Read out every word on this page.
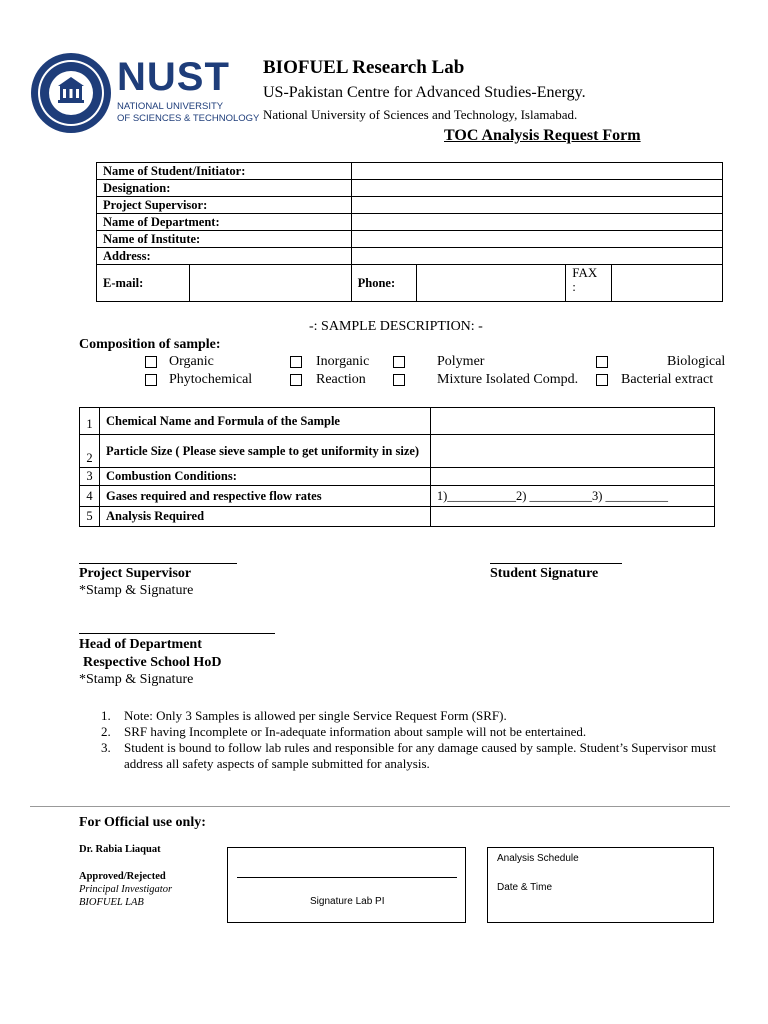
NUST
NATIONAL UNIVERSITY
OF SCIENCES & TECHNOLOGY
BIOFUEL Research Lab
US-Pakistan Centre for Advanced Studies-Energy.
National University of Sciences and Technology, Islamabad.
TOC Analysis Request Form
Name of Student/Initiator:					
Designation:					
Project Supervisor:					
Name of Department:					
Name of Institute:					
Address:					
E-mail:		Phone:		FAX
:	
-: SAMPLE DESCRIPTION: -
Composition of sample:
Organic	Inorganic	Polymer	Biological
Phytochemical	Reaction	Mixture Isolated Compd.	Bacterial extract
1	Chemical Name and Formula of the Sample	
2	Particle Size ( Please sieve sample to get uniformity in size)	
3	Combustion Conditions:	
4	Gases required and respective flow rates	1)___________2) __________3) __________
5	Analysis Required	
Project Supervisor
*Stamp & Signature
Student Signature
Head of Department
Respective School HoD
*Stamp & Signature
1. Note: Only 3 Samples is allowed per single Service Request Form (SRF).
2. SRF having Incomplete or In-adequate information about sample will not be entertained.
3. Student is bound to follow lab rules and responsible for any damage caused by sample. Student’s Supervisor must address all safety aspects of sample submitted for analysis.
For Official use only:
Dr. Rabia Liaquat
Approved/Rejected
Principal Investigator
BIOFUEL LAB	Signature Lab PI
Analysis Schedule
Date & Time
